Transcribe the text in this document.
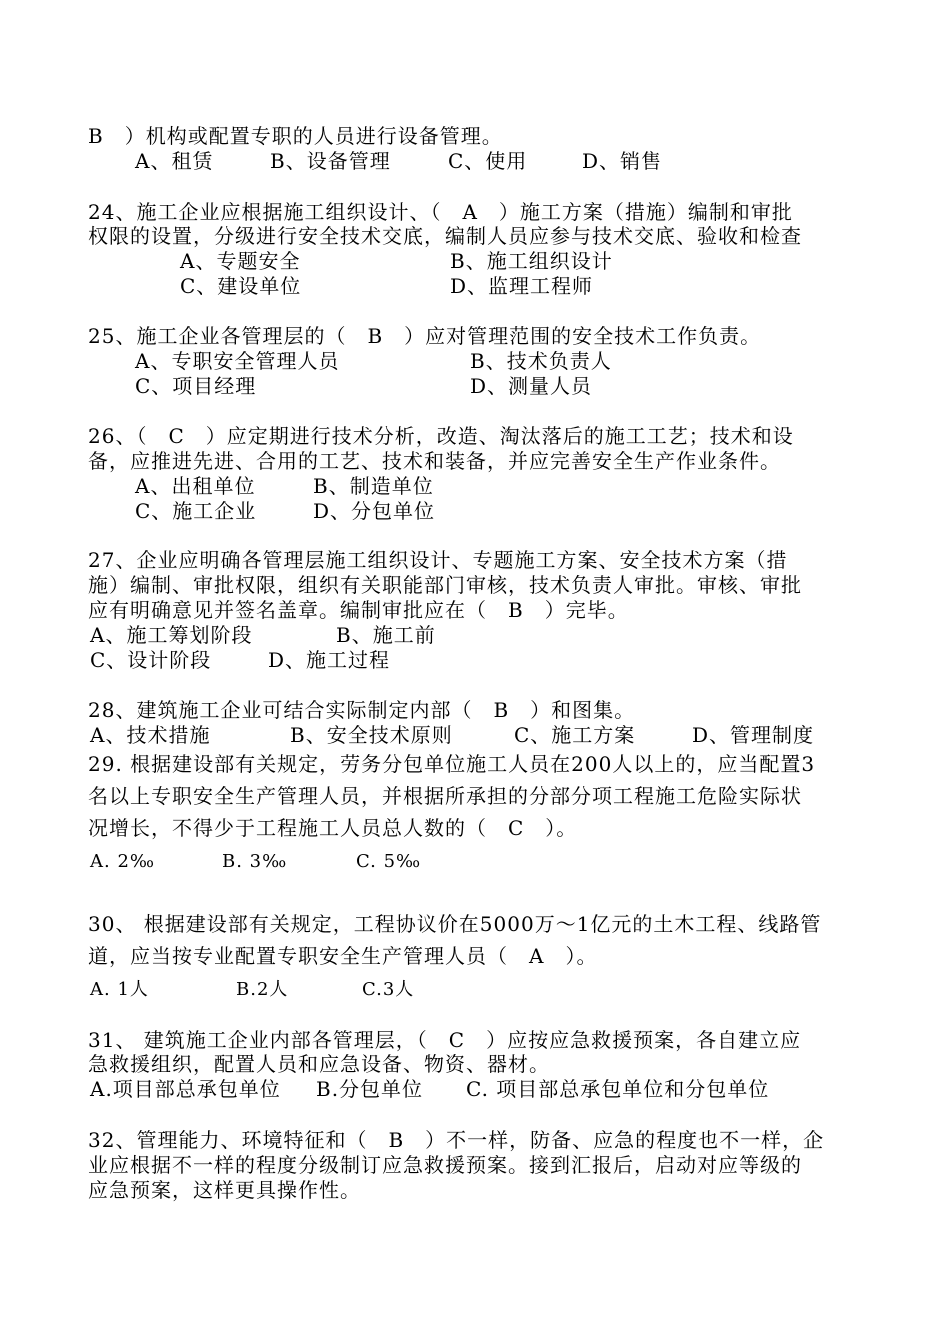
B　）机构或配置专职的人员进行设备管理。
A、租赁	B、设备管理	C、使用	D、销售
24、施工企业应根据施工组织设计、（　A　）施工方案（措施）编制和审批
权限的设置，分级进行安全技术交底，编制人员应参与技术交底、验收和检查
A、专题安全	B、施工组织设计
C、建设单位	D、监理工程师
25、施工企业各管理层的（　B　）应对管理范围的安全技术工作负责。
A、专职安全管理人员	B、技术负责人
C、项目经理	D、测量人员
26、（　C　）应定期进行技术分析，改造、淘汰落后的施工工艺；技术和设
备，应推进先进、合用的工艺、技术和装备，并应完善安全生产作业条件。
A、出租单位	B、制造单位
C、施工企业	D、分包单位
27、企业应明确各管理层施工组织设计、专题施工方案、安全技术方案（措
施）编制、审批权限，组织有关职能部门审核，技术负责人审批。审核、审批
应有明确意见并签名盖章。编制审批应在（　B　）完毕。
A、施工筹划阶段	B、施工前
C、设计阶段	D、施工过程
28、建筑施工企业可结合实际制定内部（　B　）和图集。
A、技术措施	B、安全技术原则	C、施工方案	D、管理制度
29. 根据建设部有关规定，劳务分包单位施工人员在200人以上的，应当配置3
名以上专职安全生产管理人员，并根据所承担的分部分项工程施工危险实际状
况增长，不得少于工程施工人员总人数的（　C　）。
A. 2‰	B. 3‰	C. 5‰
30、 根据建设部有关规定，工程协议价在5000万～1亿元的土木工程、线路管
道，应当按专业配置专职安全生产管理人员（　A　）。
A. 1人	B.2人	C.3人
31、 建筑施工企业内部各管理层，（　C　）应按应急救援预案，各自建立应
急救援组织，配置人员和应急设备、物资、器材。
A.项目部总承包单位 B.分包单位 C. 项目部总承包单位和分包单位
32、管理能力、环境特征和（　B　）不一样，防备、应急的程度也不一样，企
业应根据不一样的程度分级制订应急救援预案。接到汇报后，启动对应等级的
应急预案，这样更具操作性。
